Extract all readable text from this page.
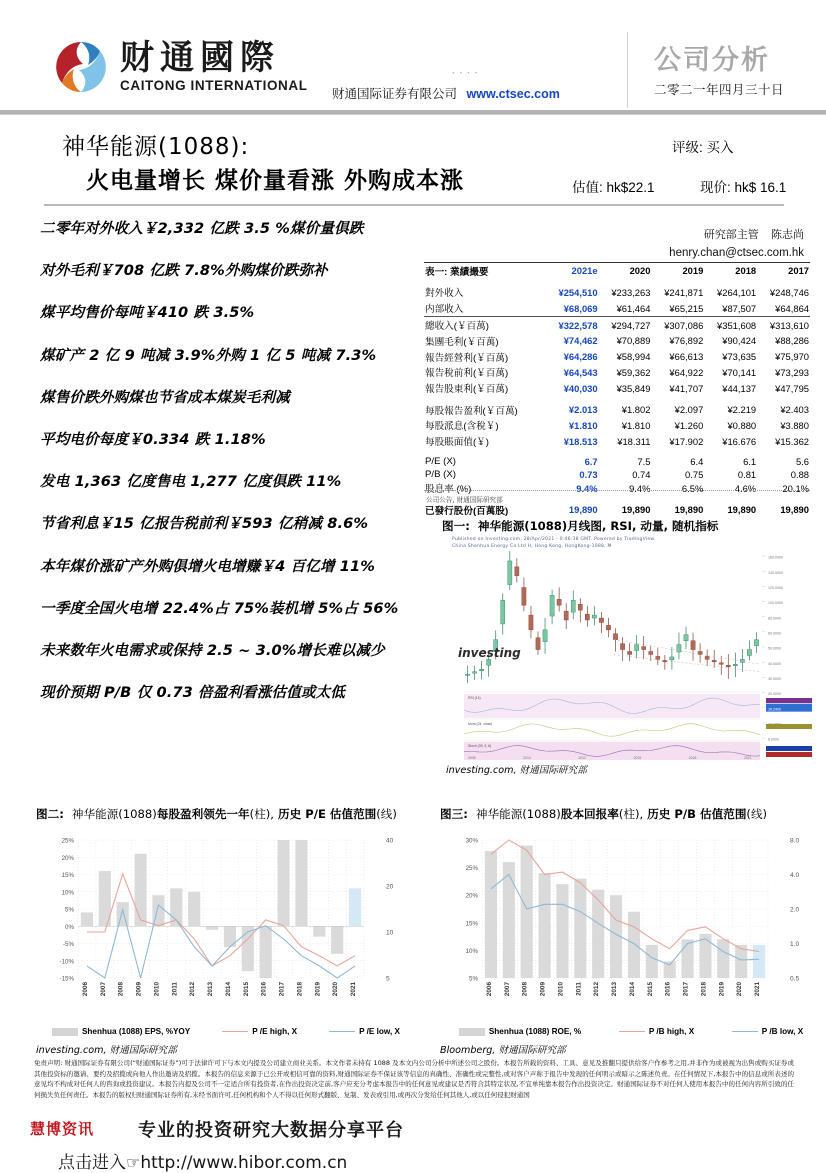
财通國際
CAITONG INTERNATIONAL
` ` ` `
财通国际证券有限公司 www.ctsec.com
公司分析
二零二一年四月三十日
神华能源(1088):
火电量增长 煤价量看涨 外购成本涨
评级: 买入
估值: hk$22.1	现价: hk$ 16.1
二零年对外收入￥2,332 亿跌 3.5 %煤价量俱跌
对外毛利￥708 亿跌 7.8%外购煤价跌弥补
煤平均售价每吨￥410 跌 3.5%
煤矿产 2 亿 9 吨减 3.9%外购 1 亿 5 吨减 7.3%
煤售价跌外购煤也节省成本煤炭毛利减
平均电价每度￥0.334 跌 1.18%
发电 1,363 亿度售电 1,277 亿度俱跌 11%
节省利息￥15 亿报告税前利￥593 亿稍减 8.6%
本年煤价涨矿产外购俱增火电增赚￥4 百亿增 11%
一季度全国火电增 22.4%占 75%装机增 5%占 56%
未来数年火电需求或保持 2.5 ~ 3.0%增长难以减少
现价预期 P/B 仅 0.73 倍盈利看涨估值或太低
研究部主管 陈志尚
henry.chan@ctsec.com.hk
表一: 業績撮要	2021e	2020	2019	2018	2017

對外收入	¥254,510	¥233,263	¥241,871	¥264,101	¥248,746
内部收入	¥68,069	¥61,464	¥65,215	¥87,507	¥64,864
總收入(￥百萬)	¥322,578	¥294,727	¥307,086	¥351,608	¥313,610
集團毛利(￥百萬)	¥74,462	¥70,889	¥76,892	¥90,424	¥88,286
報告經營利(￥百萬)	¥64,286	¥58,994	¥66,613	¥73,635	¥75,970
報告稅前利(￥百萬)	¥64,543	¥59,362	¥64,922	¥70,141	¥73,293
報告股東利(￥百萬)	¥40,030	¥35,849	¥41,707	¥44,137	¥47,795

每股報告盈利(￥百萬)	¥2.013	¥1.802	¥2.097	¥2.219	¥2.403
每股派息(含稅￥)	¥1.810	¥1.810	¥1.260	¥0.880	¥3.880
每股賬面值(￥)	¥18.513	¥18.311	¥17.902	¥16.676	¥15.362

P/E (X)	6.7	7.5	6.4	6.1	5.6
P/B (X)	0.73	0.74	0.75	0.81	0.88
股息率 (%)	9.4%	9.4%	6.5%	4.6%	20.1%

已發行股份(百萬股)	19,890	19,890	19,890	19,890	19,890
公司公告, 财通国际研究部
图一: 神华能源(1088)月线图, RSI, 动量, 随机指标
Published on Investing.com, 28/Apr/2021 - 0:46:38 GMT. Powered by TradingView.
China Shenhua Energy Co Ltd H, Hong Kong, HongKong-1088, M
160.0000
140.0000
120.0000
100.0000
80.0000
60.0000
50.0000
40.0000
30.0000
20.0000
16.2400
8.0000
RSI (14)
Mom (24, close)
Stoch (39, 3, 6)
2008	2010	2012	2015	2018	2021
investing
investing.com, 财通国际研究部
图二: 神华能源(1088)每股盈利领先一年(柱), 历史 P/E 估值范围(线)
25%
20%
15%
10%
5%
0%
-5%
-10%
-15%
40
20
10
5
2006 2007 2008 2009 2010 2011 2012 2013 2014 2015 2016 2017 2018 2019 2020 2021
Shenhua (1088) EPS, %YOY	P /E high, X	P /E low, X
investing.com, 财通国际研究部
图三: 神华能源(1088)股本回报率(柱), 历史 P/B 估值范围(线)
30%
25%
20%
15%
10%
5%
8.0
4.0
2.0
1.0
0.5
2006 2007 2008 2009 2010 2011 2012 2013 2014 2015 2016 2017 2018 2019 2020 2021
Shenhua (1088) ROE, %	P /B high, X	P /B low, X
Bloomberg, 财通国际研究部
免责声明: 财通国际证券有限公司(“财通国际证券”)可于法律许可下与本文内提及公司建立商业关系。本文作者未持有 1088 及本文内公司分析中所述公司之股份。本报告所载的资料、工具、意见及推翻只提供给客户作参考之用,并非作为或被视为出售或购买证券或其他投资标的邀请、要约及招揽或向他人作出邀请及招揽。本报告的信息来源于已公开或相信可靠的资料,财通国际证券不保证该等信息的真确性、准确性或完整性,或对客户声称于报告中发现的任何明示或暗示之陈述负责。在任何情况下,本报告中的信息或所表述的意见均不构成对任何人的咨询或投资建议。本报告内提及公司不一定适合所有投资者,在作出投资决定前,客户应充分考虑本报告中的任何意见或建议是否符合其特定状况,不宜单纯靠本报告作出投资决定。财通国际证券不对任何人使用本报告中的任何内容所引致的任何损失负任何责任。本报告的版权归财通国际证券所有,未经书面许可,任何机构和个人不得以任何形式翻版、复制、发表或引用,或再次分发给任何其他人,或以任何侵犯财通国
慧博资讯 专业的投资研究大数据分享平台
点击进入☞http://www.hibor.com.cn
